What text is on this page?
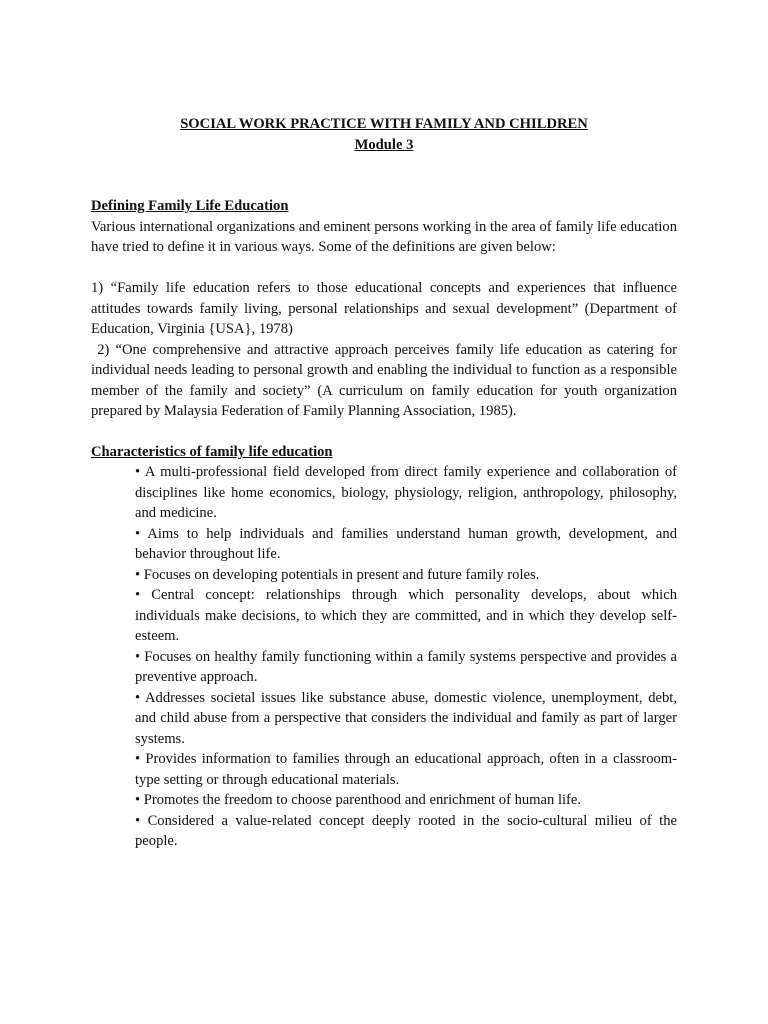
SOCIAL WORK PRACTICE WITH FAMILY AND CHILDREN
Module 3

Defining Family Life Education

Various international organizations and eminent persons working in the area of family life education have tried to define it in various ways. Some of the definitions are given below:

1) “Family life education refers to those educational concepts and experiences that influence attitudes towards family living, personal relationships and sexual development” (Department of Education, Virginia {USA}, 1978)

2) “One comprehensive and attractive approach perceives family life education as catering for individual needs leading to personal growth and enabling the individual to function as a responsible member of the family and society” (A curriculum on family education for youth organization prepared by Malaysia Federation of Family Planning Association, 1985).

Characteristics of family life education

• A multi-professional field developed from direct family experience and collaboration of disciplines like home economics, biology, physiology, religion, anthropology, philosophy, and medicine.

• Aims to help individuals and families understand human growth, development, and behavior throughout life.

• Focuses on developing potentials in present and future family roles.

• Central concept: relationships through which personality develops, about which individuals make decisions, to which they are committed, and in which they develop self-esteem.

• Focuses on healthy family functioning within a family systems perspective and provides a preventive approach.

• Addresses societal issues like substance abuse, domestic violence, unemployment, debt, and child abuse from a perspective that considers the individual and family as part of larger systems.

• Provides information to families through an educational approach, often in a classroom-type setting or through educational materials.

• Promotes the freedom to choose parenthood and enrichment of human life.

• Considered a value-related concept deeply rooted in the socio-cultural milieu of the people.
